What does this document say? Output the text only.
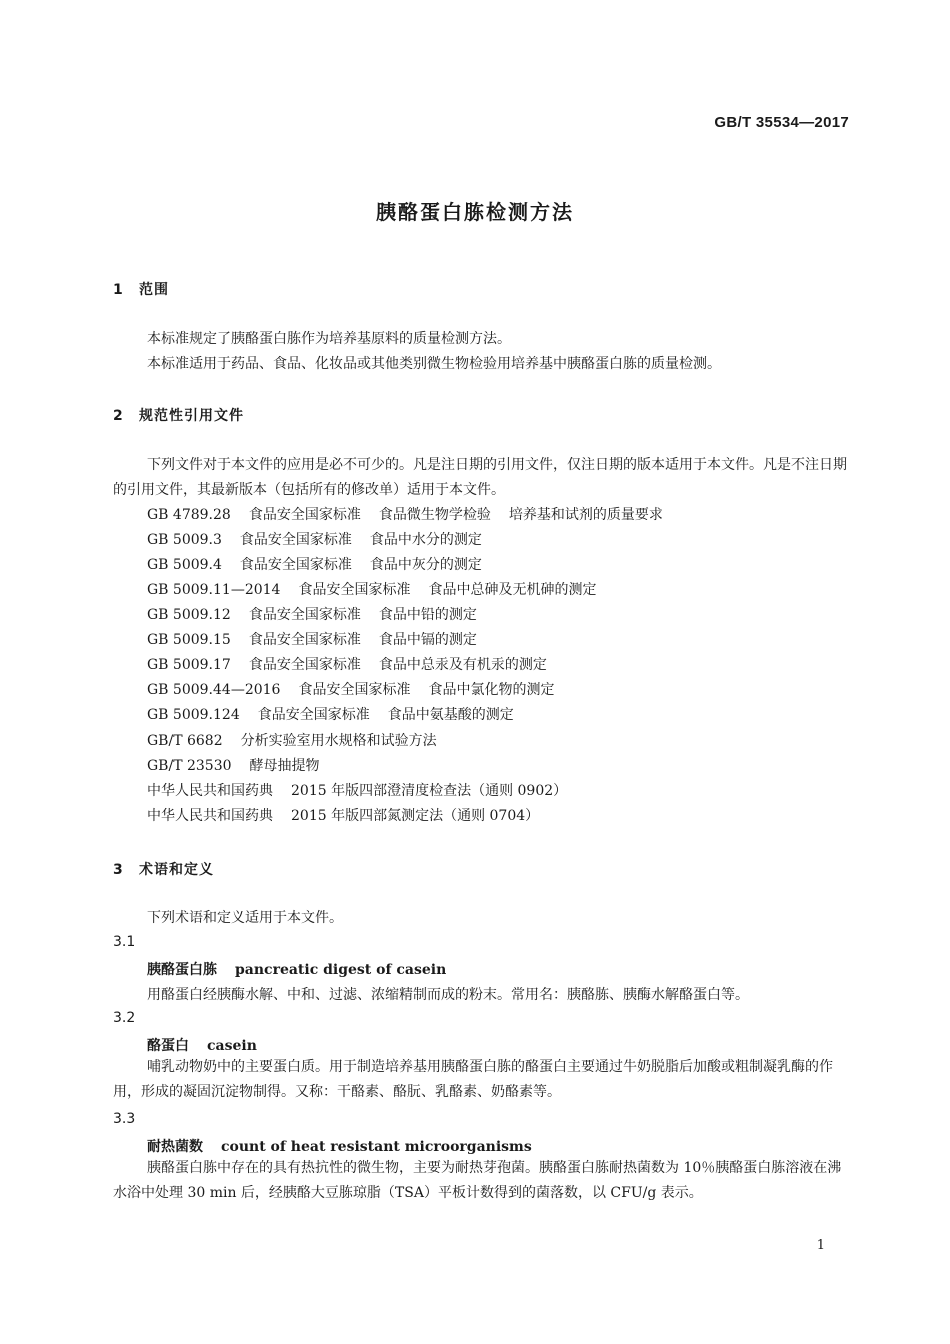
GB/T 35534—2017
胰酪蛋白胨检测方法
1 范围
本标准规定了胰酪蛋白胨作为培养基原料的质量检测方法。
本标准适用于药品、食品、化妆品或其他类别微生物检验用培养基中胰酪蛋白胨的质量检测。
2 规范性引用文件
下列文件对于本文件的应用是必不可少的。凡是注日期的引用文件，仅注日期的版本适用于本文件。凡是不注日期的引用文件，其最新版本（包括所有的修改单）适用于本文件。
GB 4789.28 食品安全国家标准 食品微生物学检验 培养基和试剂的质量要求
GB 5009.3 食品安全国家标准 食品中水分的测定
GB 5009.4 食品安全国家标准 食品中灰分的测定
GB 5009.11—2014 食品安全国家标准 食品中总砷及无机砷的测定
GB 5009.12 食品安全国家标准 食品中铅的测定
GB 5009.15 食品安全国家标准 食品中镉的测定
GB 5009.17 食品安全国家标准 食品中总汞及有机汞的测定
GB 5009.44—2016 食品安全国家标准 食品中氯化物的测定
GB 5009.124 食品安全国家标准 食品中氨基酸的测定
GB/T 6682 分析实验室用水规格和试验方法
GB/T 23530 酵母抽提物
中华人民共和国药典 2015 年版四部澄清度检查法（通则 0902）
中华人民共和国药典 2015 年版四部氮测定法（通则 0704）
3 术语和定义
下列术语和定义适用于本文件。
3.1
胰酪蛋白胨 pancreatic digest of casein
用酪蛋白经胰酶水解、中和、过滤、浓缩精制而成的粉末。常用名：胰酪胨、胰酶水解酪蛋白等。
3.2
酪蛋白 casein
哺乳动物奶中的主要蛋白质。用于制造培养基用胰酪蛋白胨的酪蛋白主要通过牛奶脱脂后加酸或粗制凝乳酶的作用，形成的凝固沉淀物制得。又称：干酪素、酪朊、乳酪素、奶酪素等。
3.3
耐热菌数 count of heat resistant microorganisms
胰酪蛋白胨中存在的具有热抗性的微生物，主要为耐热芽孢菌。胰酪蛋白胨耐热菌数为 10％胰酪蛋白胨溶液在沸水浴中处理 30 min 后，经胰酪大豆胨琼脂（TSA）平板计数得到的菌落数，以 CFU/g 表示。
1
